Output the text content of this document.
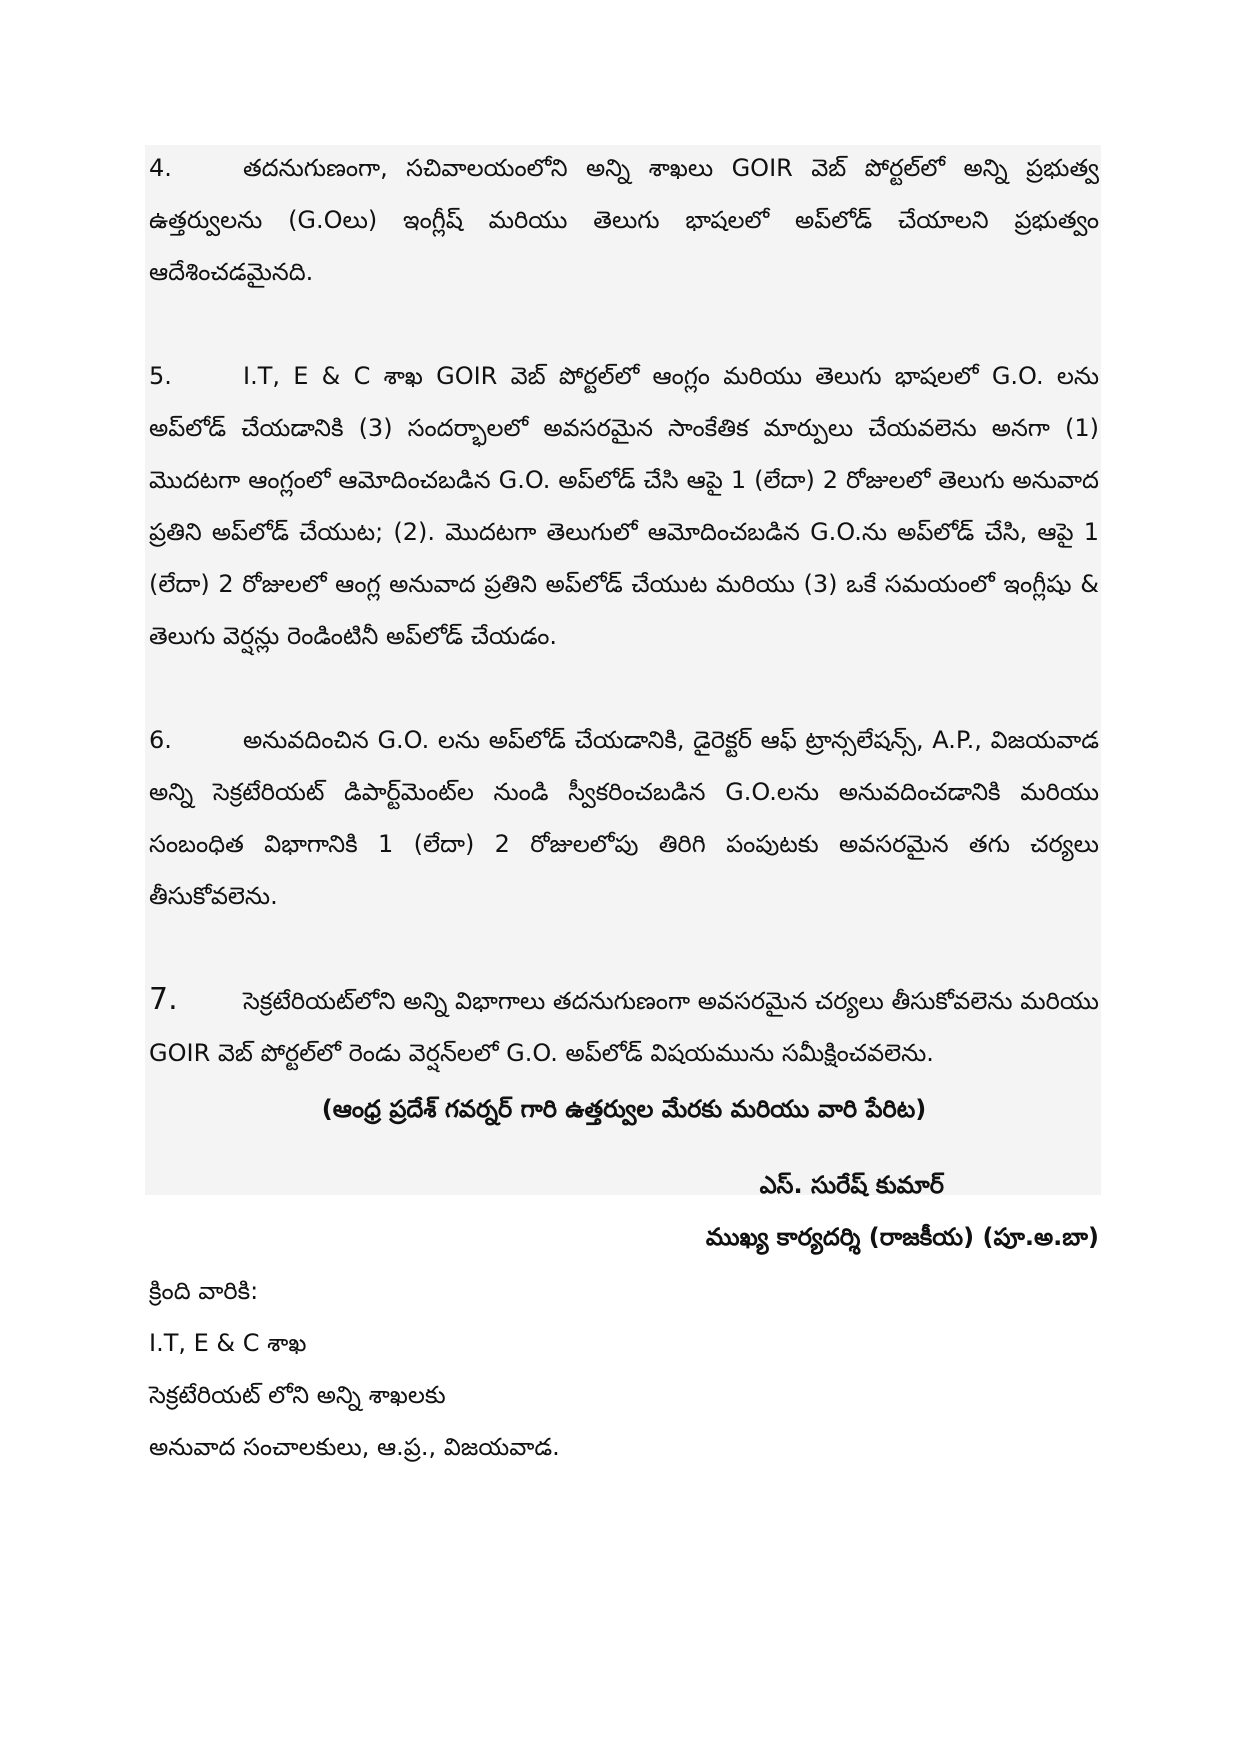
4.	తదనుగుణంగా, సచివాలయంలోని అన్ని శాఖలు GOIR వెబ్ పోర్టల్‌లో అన్ని ప్రభుత్వ ఉత్తర్వులను (G.Oలు) ఇంగ్లీష్ మరియు తెలుగు భాషలలో అప్‌లోడ్ చేయాలని ప్రభుత్వం ఆదేశించడమైనది.

5.	I.T, E & C శాఖ GOIR వెబ్ పోర్టల్‌లో ఆంగ్లం మరియు తెలుగు భాషలలో G.O. లను అప్‌లోడ్ చేయడానికి (3) సందర్భాలలో అవసరమైన సాంకేతిక మార్పులు చేయవలెను అనగా (1) మొదటగా ఆంగ్లంలో ఆమోదించబడిన G.O. అప్‌లోడ్ చేసి ఆపై 1 (లేదా) 2 రోజులలో తెలుగు అనువాద ప్రతిని అప్‌లోడ్ చేయుట; (2). మొదటగా తెలుగులో ఆమోదించబడిన G.O.ను అప్‌లోడ్ చేసి, ఆపై 1 (లేదా) 2 రోజులలో ఆంగ్ల అనువాద ప్రతిని అప్‌లోడ్ చేయుట మరియు (3) ఒకే సమయంలో ఇంగ్లీషు & తెలుగు వెర్షన్లు రెండింటినీ అప్‌లోడ్ చేయడం.

6.	అనువదించిన G.O. లను అప్‌లోడ్ చేయడానికి, డైరెక్టర్ ఆఫ్ ట్రాన్సలేషన్స్, A.P., విజయవాడ అన్ని సెక్రటేరియట్ డిపార్ట్‌మెంట్‌ల నుండి స్వీకరించబడిన G.O.లను అనువదించడానికి మరియు సంబంధిత విభాగానికి 1 (లేదా) 2 రోజులలోపు తిరిగి పంపుటకు అవసరమైన తగు చర్యలు తీసుకోవలెను.

7.	సెక్రటేరియట్‌లోని అన్ని విభాగాలు తదనుగుణంగా అవసరమైన చర్యలు తీసుకోవలెను మరియు GOIR వెబ్ పోర్టల్‌లో రెండు వెర్షన్‌లలో G.O. అప్‌లోడ్ విషయమును సమీక్షించవలెను.

(ఆంధ్ర ప్రదేశ్ గవర్నర్ గారి ఉత్తర్వుల మేరకు మరియు వారి పేరిట)
ఎస్. సురేష్ కుమార్
ముఖ్య కార్యదర్శి (రాజకీయ) (పూ.అ.బా)
క్రింది వారికి:
I.T, E & C శాఖ
సెక్రటేరియట్ లోని అన్ని శాఖలకు
అనువాద సంచాలకులు, ఆ.ప్ర., విజయవాడ.
